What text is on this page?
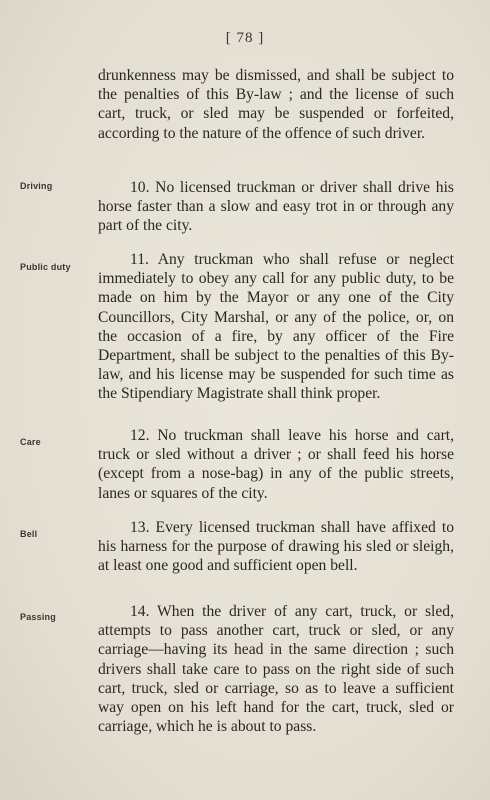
[ 78 ]

drunkenness may be dismissed, and shall be subject to the penalties of this By-law ; and the license of such cart, truck, or sled may be suspended or forfeited, according to the nature of the offence of such driver.

Driving	10. No licensed truckman or driver shall drive his horse faster than a slow and easy trot in or through any part of the city.

Public duty	11. Any truckman who shall refuse or neglect immediately to obey any call for any public duty, to be made on him by the Mayor or any one of the City Councillors, City Marshal, or any of the police, or, on the occasion of a fire, by any officer of the Fire Department, shall be subject to the penalties of this By-law, and his license may be suspended for such time as the Stipendiary Magistrate shall think proper.

Care	12. No truckman shall leave his horse and cart, truck or sled without a driver ; or shall feed his horse (except from a nose-bag) in any of the public streets, lanes or squares of the city.

Bell	13. Every licensed truckman shall have affixed to his harness for the purpose of drawing his sled or sleigh, at least one good and sufficient open bell.

Passing	14. When the driver of any cart, truck, or sled, attempts to pass another cart, truck or sled, or any carriage—having its head in the same direction ; such drivers shall take care to pass on the right side of such cart, truck, sled or carriage, so as to leave a sufficient way open on his left hand for the cart, truck, sled or carriage, which he is about to pass.
